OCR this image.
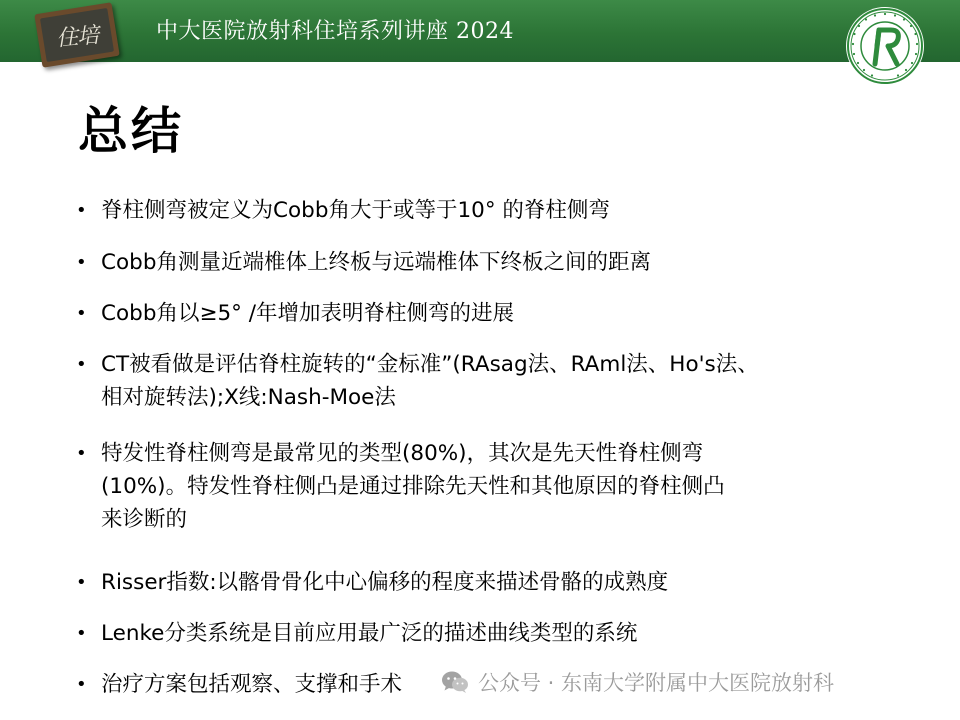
住培	中大医院放射科住培系列讲座 2024
总结
• 脊柱侧弯被定义为Cobb角大于或等于10° 的脊柱侧弯
• Cobb角测量近端椎体上终板与远端椎体下终板之间的距离
• Cobb角以≥5° /年增加表明脊柱侧弯的进展
• CT被看做是评估脊柱旋转的“金标准”(RAsag法、RAml法、Ho's法、
相对旋转法);X线:Nash-Moe法
• 特发性脊柱侧弯是最常见的类型(80%)，其次是先天性脊柱侧弯
(10%)。特发性脊柱侧凸是通过排除先天性和其他原因的脊柱侧凸
来诊断的
• Risser指数:以髂骨骨化中心偏移的程度来描述骨骼的成熟度
• Lenke分类系统是目前应用最广泛的描述曲线类型的系统
• 治疗方案包括观察、支撑和手术	公众号 · 东南大学附属中大医院放射科
